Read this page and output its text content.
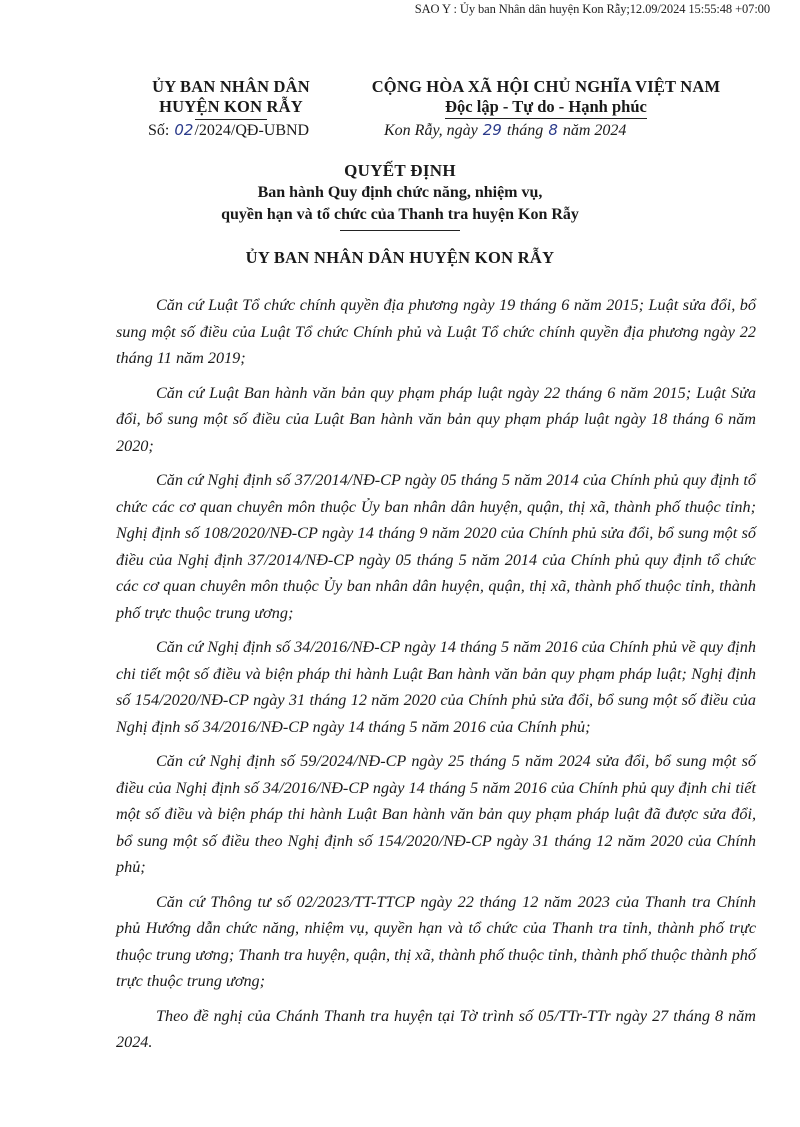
SAO Y : Ủy ban Nhân dân huyện Kon Rẫy;12.09/2024 15:55:48 +07:00
ỦY BAN NHÂN DÂN
HUYỆN KON RẪY
CỘNG HÒA XÃ HỘI CHỦ NGHĨA VIỆT NAM
Độc lập - Tự do - Hạnh phúc
Số: 02/2024/QĐ-UBND	Kon Rẫy, ngày 29 tháng 8 năm 2024
QUYẾT ĐỊNH
Ban hành Quy định chức năng, nhiệm vụ,
quyền hạn và tổ chức của Thanh tra huyện Kon Rẫy
ỦY BAN NHÂN DÂN HUYỆN KON RẪY

Căn cứ Luật Tổ chức chính quyền địa phương ngày 19 tháng 6 năm 2015; Luật sửa đổi, bổ sung một số điều của Luật Tổ chức Chính phủ và Luật Tổ chức chính quyền địa phương ngày 22 tháng 11 năm 2019;

Căn cứ Luật Ban hành văn bản quy phạm pháp luật ngày 22 tháng 6 năm 2015; Luật Sửa đổi, bổ sung một số điều của Luật Ban hành văn bản quy phạm pháp luật ngày 18 tháng 6 năm 2020;

Căn cứ Nghị định số 37/2014/NĐ-CP ngày 05 tháng 5 năm 2014 của Chính phủ quy định tổ chức các cơ quan chuyên môn thuộc Ủy ban nhân dân huyện, quận, thị xã, thành phố thuộc tỉnh; Nghị định số 108/2020/NĐ-CP ngày 14 tháng 9 năm 2020 của Chính phủ sửa đổi, bổ sung một số điều của Nghị định 37/2014/NĐ-CP ngày 05 tháng 5 năm 2014 của Chính phủ quy định tổ chức các cơ quan chuyên môn thuộc Ủy ban nhân dân huyện, quận, thị xã, thành phố thuộc tỉnh, thành phố trực thuộc trung ương;

Căn cứ Nghị định số 34/2016/NĐ-CP ngày 14 tháng 5 năm 2016 của Chính phủ về quy định chi tiết một số điều và biện pháp thi hành Luật Ban hành văn bản quy phạm pháp luật; Nghị định số 154/2020/NĐ-CP ngày 31 tháng 12 năm 2020 của Chính phủ sửa đổi, bổ sung một số điều của Nghị định số 34/2016/NĐ-CP ngày 14 tháng 5 năm 2016 của Chính phủ;

Căn cứ Nghị định số 59/2024/NĐ-CP ngày 25 tháng 5 năm 2024 sửa đổi, bổ sung một số điều của Nghị định số 34/2016/NĐ-CP ngày 14 tháng 5 năm 2016 của Chính phủ quy định chi tiết một số điều và biện pháp thi hành Luật Ban hành văn bản quy phạm pháp luật đã được sửa đổi, bổ sung một số điều theo Nghị định số 154/2020/NĐ-CP ngày 31 tháng 12 năm 2020 của Chính phủ;

Căn cứ Thông tư số 02/2023/TT-TTCP ngày 22 tháng 12 năm 2023 của Thanh tra Chính phủ Hướng dẫn chức năng, nhiệm vụ, quyền hạn và tổ chức của Thanh tra tỉnh, thành phố trực thuộc trung ương; Thanh tra huyện, quận, thị xã, thành phố thuộc tỉnh, thành phố thuộc thành phố trực thuộc trung ương;

Theo đề nghị của Chánh Thanh tra huyện tại Tờ trình số 05/TTr-TTr ngày 27 tháng 8 năm 2024.
